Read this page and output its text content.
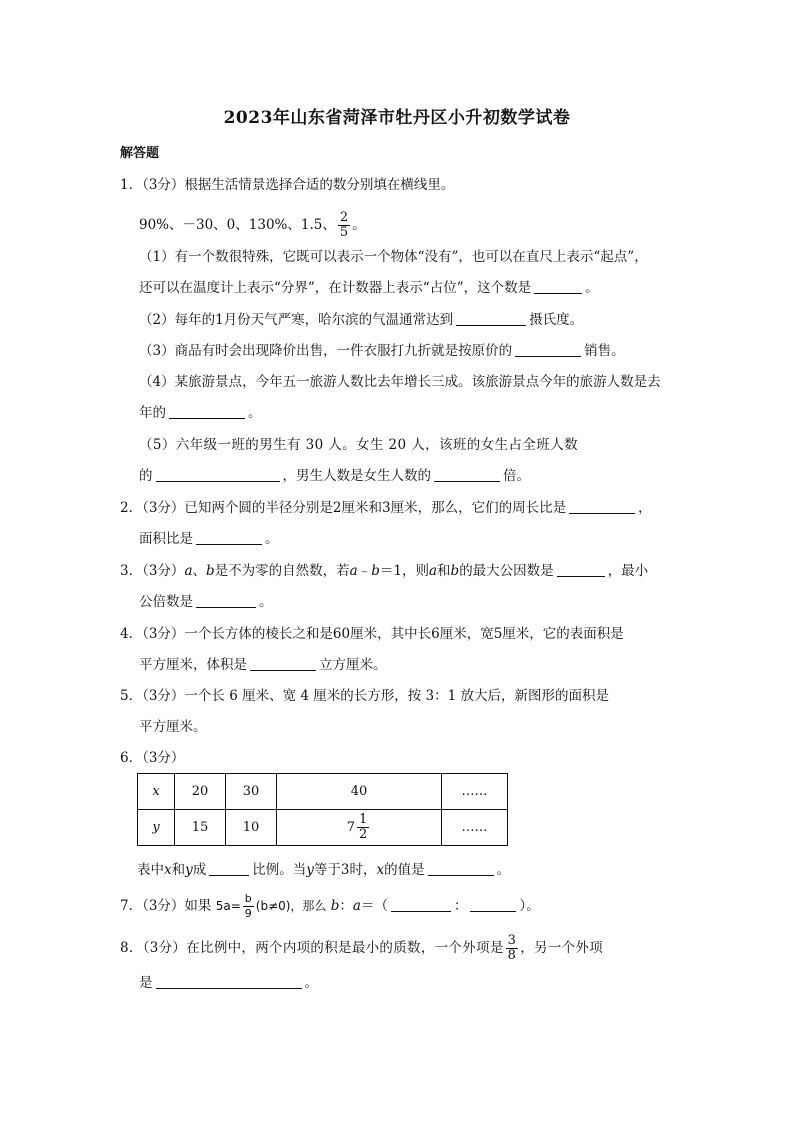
2023年山东省菏泽市牡丹区小升初数学试卷
解答题
1．（3分）根据生活情景选择合适的数分别填在横线里。
90%、－30、0、130%、1.5、 $\frac{2}{5}$ 。
（1）有一个数很特殊，它既可以表示一个物体“没有”，也可以在直尺上表示“起点”，
还可以在温度计上表示“分界”，在计数器上表示“占位”，这个数是	。
（2）每年的1月份天气严寒，哈尔滨的气温通常达到	摄氏度。
（3）商品有时会出现降价出售，一件衣服打九折就是按原价的	销售。
（4）某旅游景点，今年五一旅游人数比去年增长三成。该旅游景点今年的旅游人数是去
年的	。
（5）六年级一班的男生有 30 人。女生 20 人，该班的女生占全班人数
的	，男生人数是女生人数的	倍。
2．（3分）已知两个圆的半径分别是2厘米和3厘米，那么，它们的周长比是	，
面积比是	。
3．（3分）a、b是不为零的自然数，若a﹣b＝1，则a和b的最大公因数是	，最小
公倍数是	。
4．（3分）一个长方体的棱长之和是60厘米，其中长6厘米，宽5厘米，它的表面积是
平方厘米，体积是	立方厘米。
5．（3分）一个长 6 厘米、宽 4 厘米的长方形，按 3：1 放大后，新图形的面积是
平方厘米。
6．（3分）
x	20	30	40	……
y	15	10	$7 \frac{1}{2}$	……
表中x和y成	比例。当y等于3时，x的值是	。
7．（3分）如果 $5a= \frac{b}{9} (b\ne 0)$，那么 b：a＝（	：	）。
8．（3分）在比例中，两个内项的积是最小的质数，一个外项是 $\frac{3}{8}$ ，另一个外项
是	。
